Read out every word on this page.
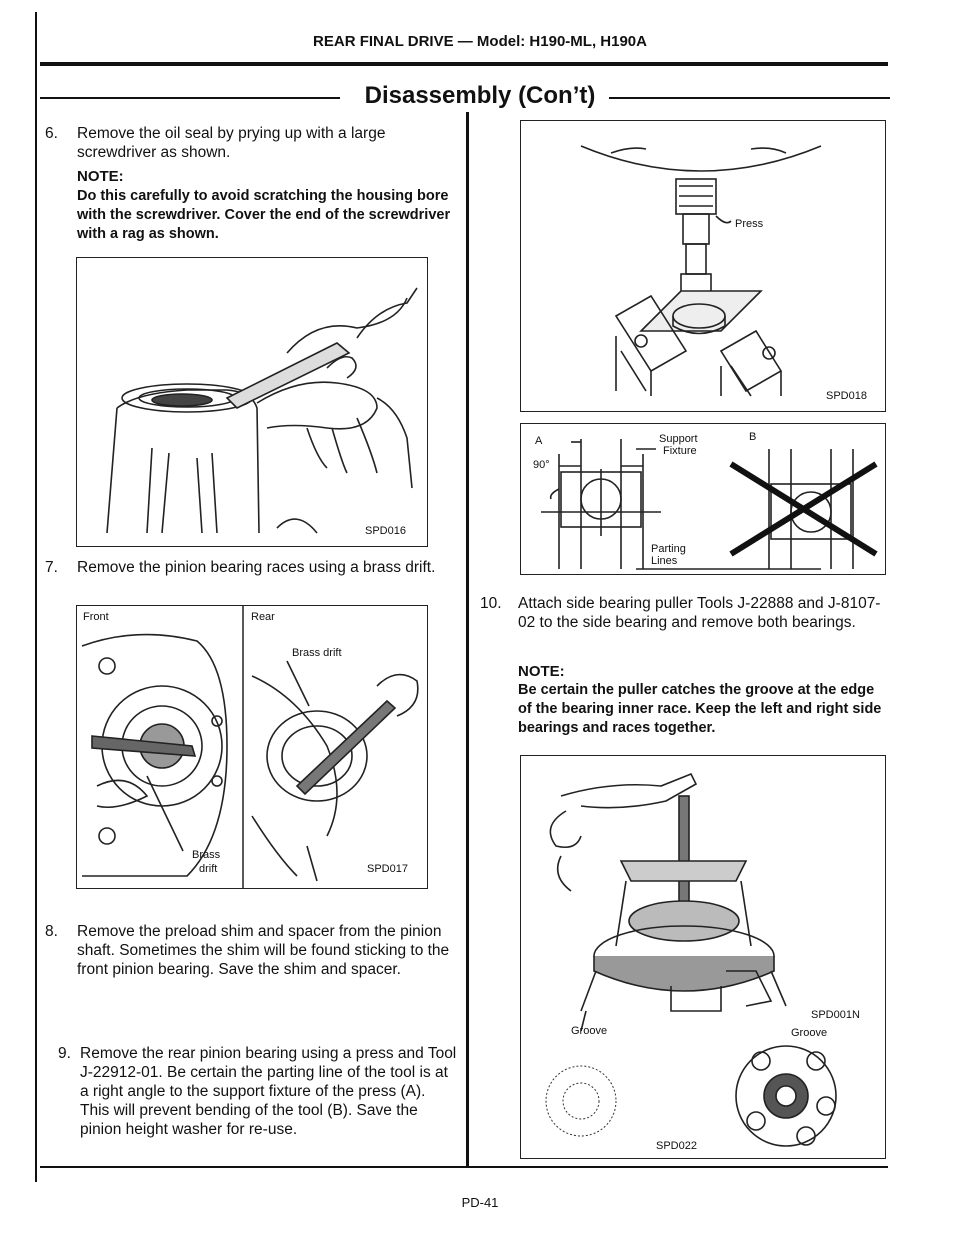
REAR FINAL DRIVE — Model: H190-ML, H190A
Disassembly (Con’t)
6. Remove the oil seal by prying up with a large screwdriver as shown.

NOTE:
Do this carefully to avoid scratching the housing bore with the screwdriver. Cover the end of the screwdriver with a rag as shown.
SPD016
7. Remove the pinion bearing races using a brass drift.

Front	Rear
Brass drift
Brass
drift	SPD017
8. Remove the preload shim and spacer from the pinion shaft. Sometimes the shim will be found sticking to the front pinion bearing. Save the shim and spacer.

9. Remove the rear pinion bearing using a press and Tool J-22912-01. Be certain the parting line of the tool is at a right angle to the support fixture of the press (A). This will prevent bending of the tool (B). Save the pinion height washer for re-use.

Press
SPD018
A
90°
Support
Fixture
B
Parting
Lines
10. Attach side bearing puller Tools J-22888 and J-8107-02 to the side bearing and remove both bearings.

NOTE:
Be certain the puller catches the groove at the edge of the bearing inner race. Keep the left and right side bearings and races together.
Groove	Groove
SPD001N
SPD022
PD-41
